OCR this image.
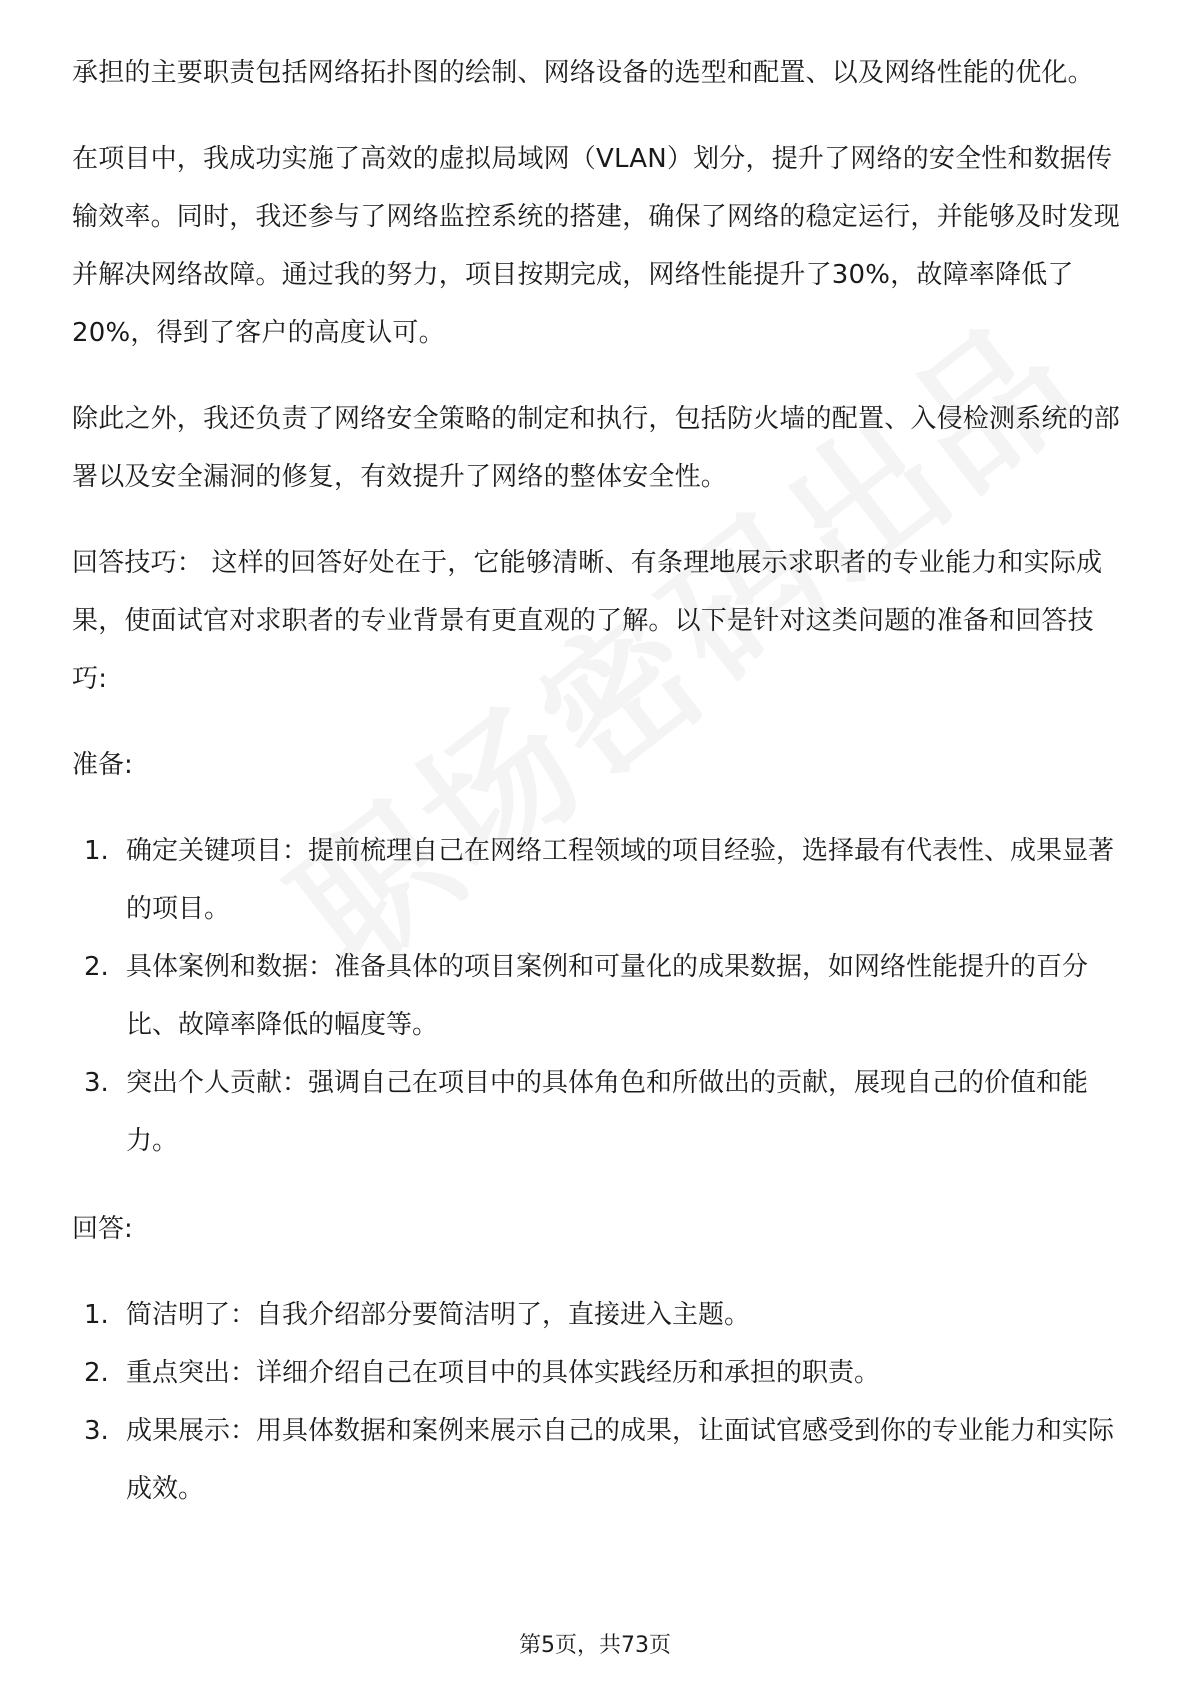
承担的主要职责包括网络拓扑图的绘制、网络设备的选型和配置、以及网络性能的优化。

在项目中，我成功实施了高效的虚拟局域网（VLAN）划分，提升了网络的安全性和数据传输效率。同时，我还参与了网络监控系统的搭建，确保了网络的稳定运行，并能够及时发现并解决网络故障。通过我的努力，项目按期完成，网络性能提升了30%，故障率降低了20%，得到了客户的高度认可。

除此之外，我还负责了网络安全策略的制定和执行，包括防火墙的配置、入侵检测系统的部署以及安全漏洞的修复，有效提升了网络的整体安全性。

回答技巧： 这样的回答好处在于，它能够清晰、有条理地展示求职者的专业能力和实际成果，使面试官对求职者的专业背景有更直观的了解。以下是针对这类问题的准备和回答技巧:

准备:
1. 确定关键项目：提前梳理自己在网络工程领域的项目经验，选择最有代表性、成果显著的项目。
2. 具体案例和数据：准备具体的项目案例和可量化的成果数据，如网络性能提升的百分比、故障率降低的幅度等。
3. 突出个人贡献：强调自己在项目中的具体角色和所做出的贡献，展现自己的价值和能力。
回答:
1. 简洁明了：自我介绍部分要简洁明了，直接进入主题。
2. 重点突出：详细介绍自己在项目中的具体实践经历和承担的职责。
3. 成果展示：用具体数据和案例来展示自己的成果，让面试官感受到你的专业能力和实际成效。
第5页，共73页
